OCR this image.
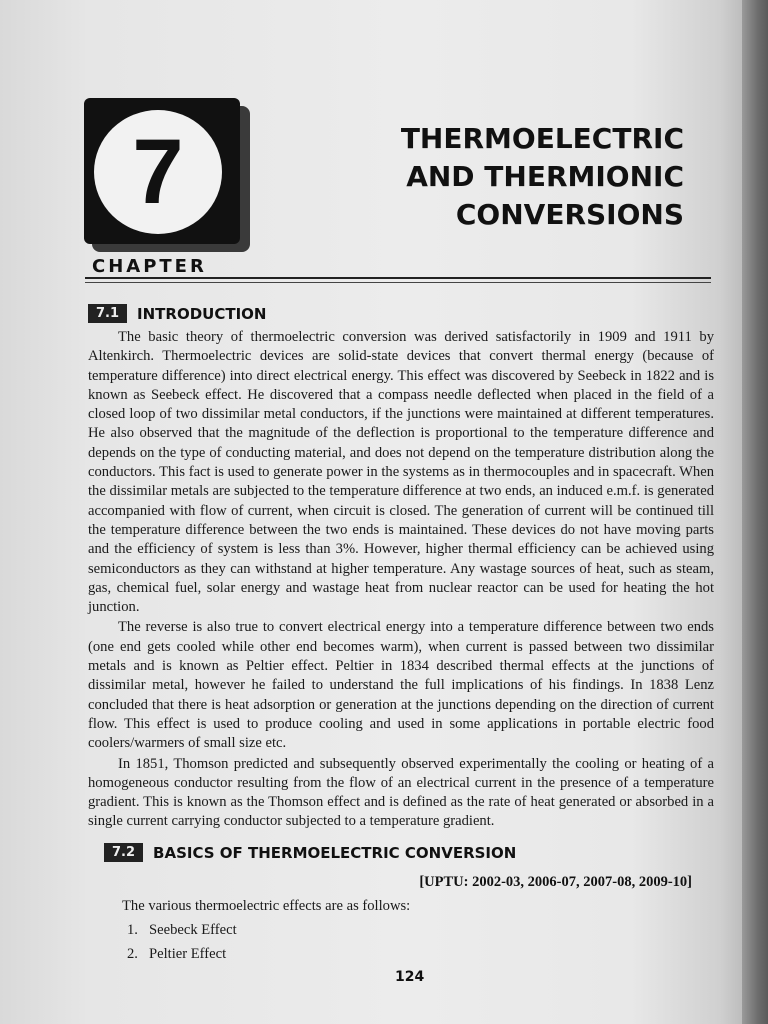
7
CHAPTER
THERMOELECTRIC
AND THERMIONIC
CONVERSIONS
7.1	INTRODUCTION

The basic theory of thermoelectric conversion was derived satisfactorily in 1909 and 1911 by Altenkirch. Thermoelectric devices are solid-state devices that convert thermal energy (because of temperature difference) into direct electrical energy. This effect was discovered by Seebeck in 1822 and is known as Seebeck effect. He discovered that a compass needle deflected when placed in the field of a closed loop of two dissimilar metal conductors, if the junctions were maintained at different temperatures. He also observed that the magnitude of the deflection is proportional to the temperature difference and depends on the type of conducting material, and does not depend on the temperature distribution along the conductors. This fact is used to generate power in the systems as in thermocouples and in spacecraft. When the dissimilar metals are subjected to the temperature difference at two ends, an induced e.m.f. is generated accompanied with flow of current, when circuit is closed. The generation of current will be continued till the temperature difference between the two ends is maintained. These devices do not have moving parts and the efficiency of system is less than 3%. However, higher thermal efficiency can be achieved using semiconductors as they can withstand at higher temperature. Any wastage sources of heat, such as steam, gas, chemical fuel, solar energy and wastage heat from nuclear reactor can be used for heating the hot junction.

The reverse is also true to convert electrical energy into a temperature difference between two ends (one end gets cooled while other end becomes warm), when current is passed between two dissimilar metals and is known as Peltier effect. Peltier in 1834 described thermal effects at the junctions of dissimilar metal, however he failed to understand the full implications of his findings. In 1838 Lenz concluded that there is heat adsorption or generation at the junctions depending on the direction of current flow. This effect is used to produce cooling and used in some applications in portable electric food coolers/warmers of small size etc.

In 1851, Thomson predicted and subsequently observed experimentally the cooling or heating of a homogeneous conductor resulting from the flow of an electrical current in the presence of a temperature gradient. This is known as the Thomson effect and is defined as the rate of heat generated or absorbed in a single current carrying conductor subjected to a temperature gradient.

7.2	BASICS OF THERMOELECTRIC CONVERSION
[UPTU: 2002-03, 2006-07, 2007-08, 2009-10]
The various thermoelectric effects are as follows:
1. Seebeck Effect
2. Peltier Effect
124
